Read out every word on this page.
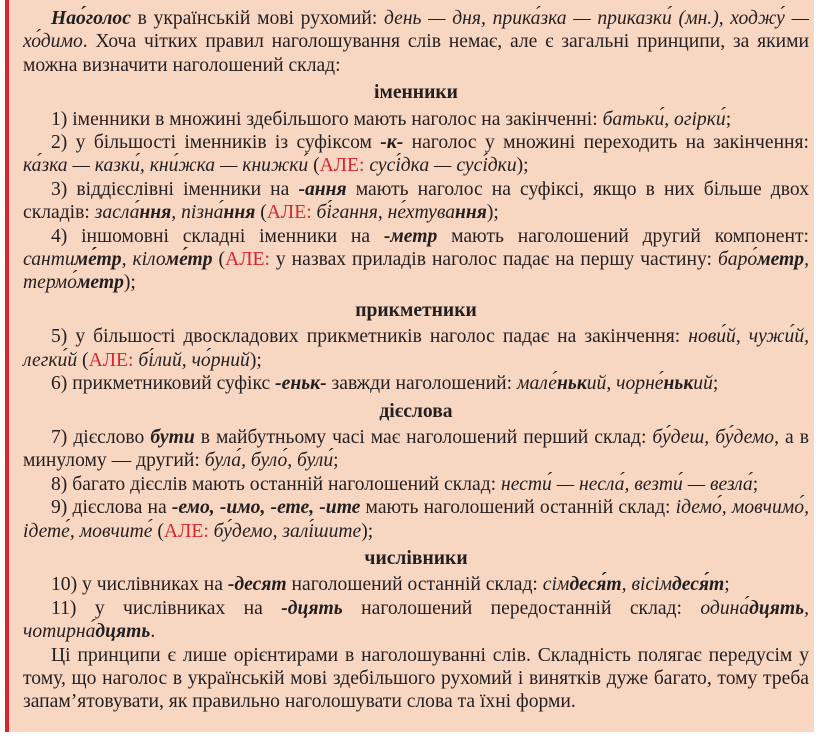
Нао́голос в українській мові рухомий: день — дня, прика́зка — приказки́ (мн.), ходжу́ — хо́димо. Хоча чітких правил наголошування слів немає, але є загальні принципи, за якими можна визначити наголошений склад:

іменники

1) іменники в множині здебільшого мають наголос на закінченні: батьки́, огірки́;

2) у більшості іменників із суфіксом -к- наголос у множині переходить на закінчення: ка́зка — казки́, кни́жка — книжки́ (АЛЕ: сусі́дка — сусі́дки);

3) віддієслівні іменники на -ання мають наголос на суфіксі, якщо в них більше двох складів: засла́ння, пізна́ння (АЛЕ: бі́гання, не́хтування);

4) іншомовні складні іменники на -метр мають наголошений другий компонент: сантиме́тр, кіломе́тр (АЛЕ: у назвах приладів наголос падає на першу частину: баро́метр, термо́метр);

прикметники

5) у більшості двоскладових прикметників наголос падає на закінчення: нови́й, чужи́й, легки́й (АЛЕ: бі́лий, чо́рний);

6) прикметниковий суфікс -еньк- завжди наголошений: мале́нький, чорне́нький;

дієслова

7) дієслово бути в майбутньому часі має наголошений перший склад: бу́деш, бу́демо, а в минулому — другий: була́, було́, були́;

8) багато дієслів мають останній наголошений склад: нести́ — несла́, везти́ — везла́;

9) дієслова на -емо, -имо, -ете, -ите мають наголошений останній склад: ідемо́, мовчимо́, ідете́, мовчите́ (АЛЕ: бу́демо, залі́шите);

числівники

10) у числівниках на -десят наголошений останній склад: сімдеся́т, вісімдеся́т;

11) у числівниках на -дцять наголошений передостанній склад: одина́дцять, чотирна́дцять.

Ці принципи є лише орієнтирами в наголошуванні слів. Складність полягає передусім у тому, що наголос в українській мові здебільшого рухомий і винятків дуже багато, тому треба запам’ятовувати, як правильно наголошувати слова та їхні форми.
